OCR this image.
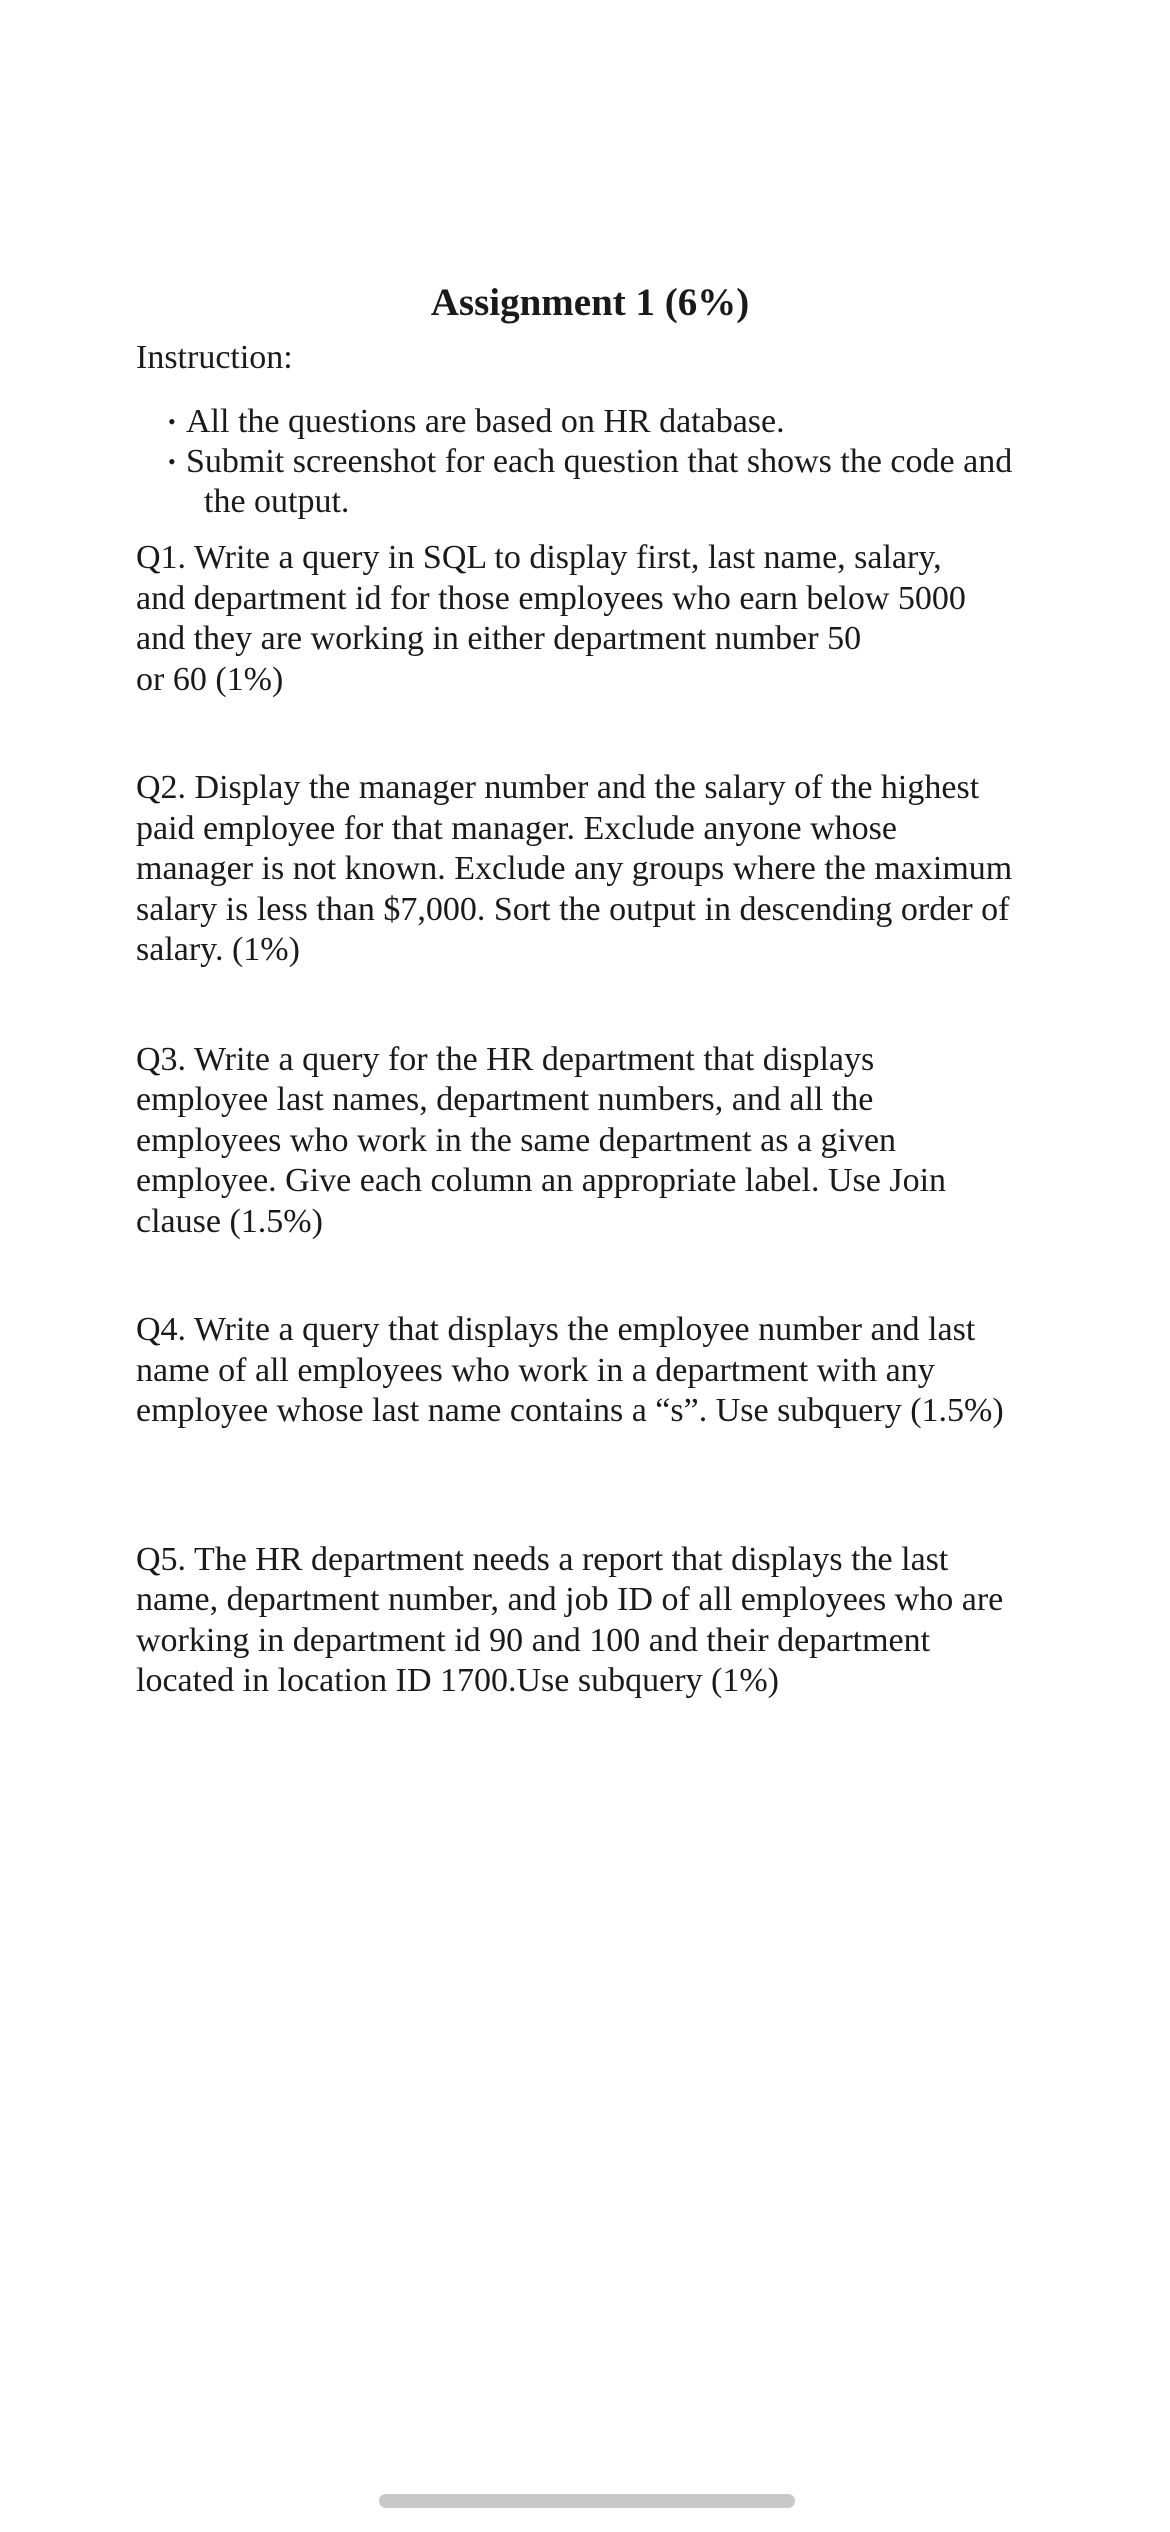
Assignment 1 (6%)

Instruction:

• All the questions are based on HR database.
• Submit screenshot for each question that shows the code and the output.

Q1. Write a query in SQL to display first, last name, salary,
and department id for those employees who earn below 5000
and they are working in either department number 50
or 60 (1%)

Q2. Display the manager number and the salary of the highest
paid employee for that manager. Exclude anyone whose
manager is not known. Exclude any groups where the maximum
salary is less than $7,000. Sort the output in descending order of
salary. (1%)

Q3. Write a query for the HR department that displays
employee last names, department numbers, and all the
employees who work in the same department as a given
employee. Give each column an appropriate label. Use Join
clause (1.5%)

Q4. Write a query that displays the employee number and last
name of all employees who work in a department with any
employee whose last name contains a “s”. Use subquery (1.5%)

Q5. The HR department needs a report that displays the last
name, department number, and job ID of all employees who are
working in department id 90 and 100 and their department
located in location ID 1700.Use subquery (1%)
